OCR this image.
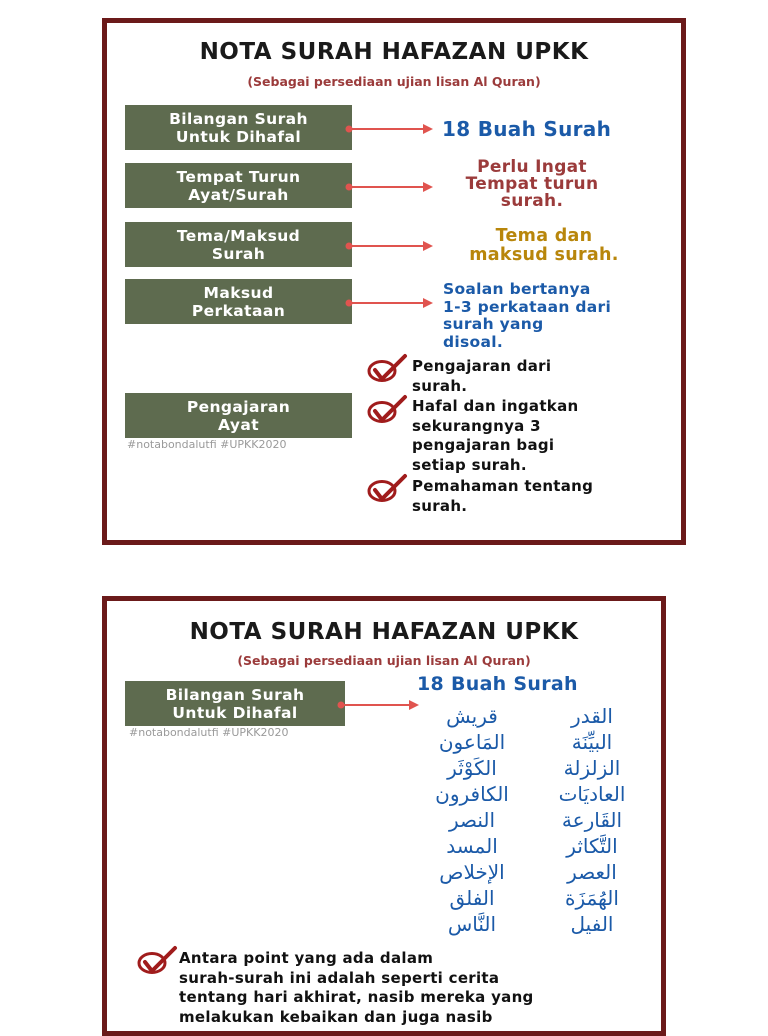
NOTA SURAH HAFAZAN UPKK
(Sebagai persediaan ujian lisan Al Quran)
Bilangan Surah
Untuk Dihafal	18 Buah Surah
Tempat Turun
Ayat/Surah
Perlu Ingat
Tempat turun
surah.
Tema/Maksud
Surah
Tema dan
maksud surah.
Maksud
Perkataan
Soalan bertanya
1-3 perkataan dari
surah yang
disoal.
Pengajaran
Ayat
#notabondalutfi #UPKK2020
Pengajaran dari
surah.
Hafal dan ingatkan
sekurangnya 3
pengajaran bagi
setiap surah.
Pemahaman tentang
surah.
NOTA SURAH HAFAZAN UPKK
(Sebagai persediaan ujian lisan Al Quran)
Bilangan Surah
Untuk Dihafal
#notabondalutfi #UPKK2020
18 Buah Surah
القدر
البيِّنَة
الزلزلة
العاديَات
القَارعة
التَّكاثر
العصر
الهُمَزَة
الفيل
قريش
المَاعون
الكَوْثَر
الكافرون
النصر
المسد
الإخلاص
الفلق
النَّاس
Antara point yang ada dalam
surah-surah ini adalah seperti cerita
tentang hari akhirat, nasib mereka yang
melakukan kebaikan dan juga nasib
